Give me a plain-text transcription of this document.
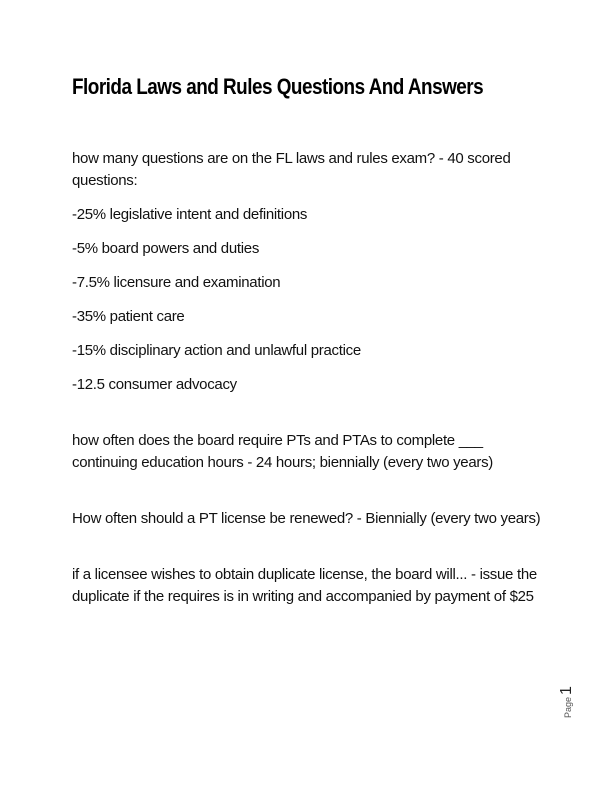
Florida Laws and Rules Questions And Answers

how many questions are on the FL laws and rules exam? - 40 scored questions:

-25% legislative intent and definitions

-5% board powers and duties

-7.5% licensure and examination

-35% patient care

-15% disciplinary action and unlawful practice

-12.5 consumer advocacy

how often does the board require PTs and PTAs to complete ___ continuing education hours - 24 hours; biennially (every two years)

How often should a PT license be renewed? - Biennially (every two years)

if a licensee wishes to obtain duplicate license, the board will... - issue the duplicate if the requires is in writing and accompanied by payment of $25

Page
1
